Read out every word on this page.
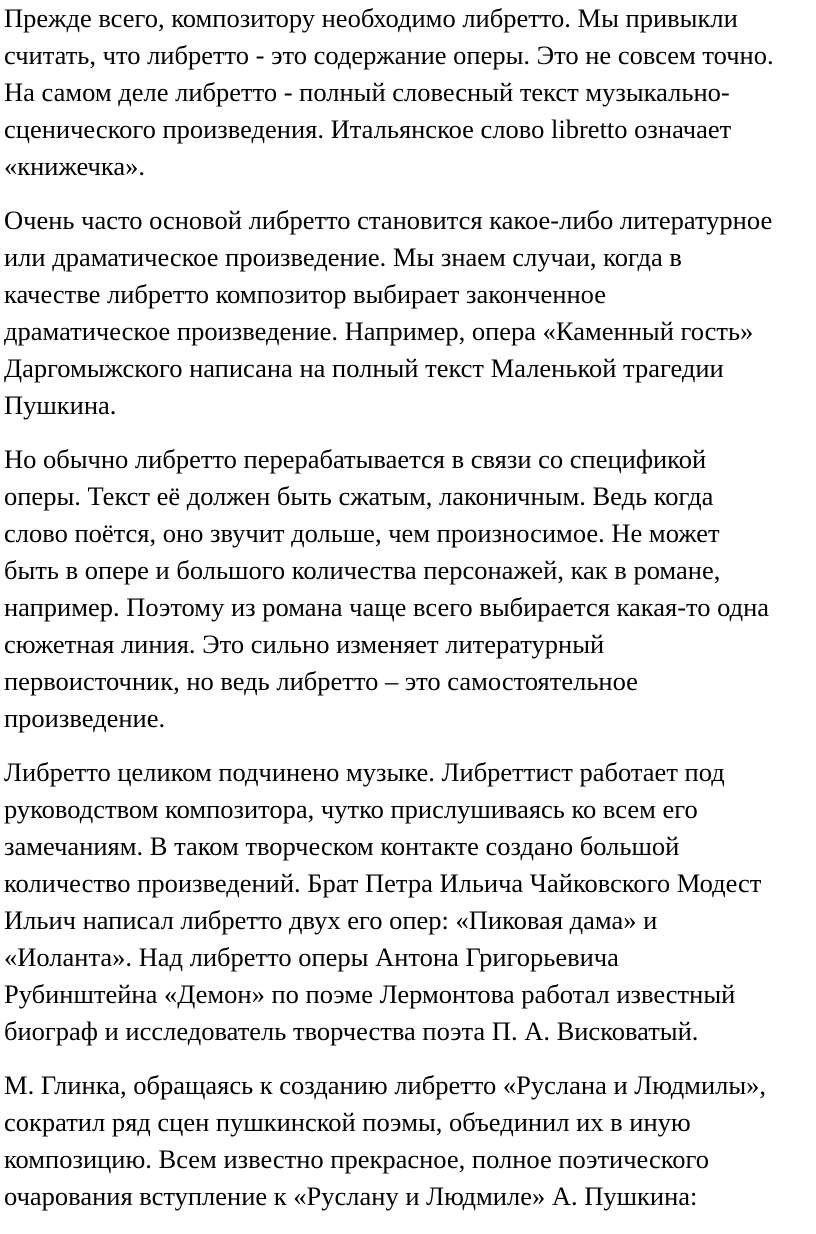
Прежде всего, композитору необходимо либретто. Мы привыкли
считать, что либретто - это содержание оперы. Это не совсем точно.
На самом деле либретто - полный словесный текст музыкально-
сценического произведения. Итальянское слово libretto означает
«книжечка».

Очень часто основой либретто становится какое-либо литературное
или драматическое произведение. Мы знаем случаи, когда в
качестве либретто композитор выбирает законченное
драматическое произведение. Например, опера «Каменный гость»
Даргомыжского написана на полный текст Маленькой трагедии
Пушкина.

Но обычно либретто перерабатывается в связи со спецификой
оперы. Текст её должен быть сжатым, лаконичным. Ведь когда
слово поётся, оно звучит дольше, чем произносимое. Не может
быть в опере и большого количества персонажей, как в романе,
например. Поэтому из романа чаще всего выбирается какая-то одна
сюжетная линия. Это сильно изменяет литературный
первоисточник, но ведь либретто – это самостоятельное
произведение.

Либретто целиком подчинено музыке. Либреттист работает под
руководством композитора, чутко прислушиваясь ко всем его
замечаниям. В таком творческом контакте создано большой
количество произведений. Брат Петра Ильича Чайковского Модест
Ильич написал либретто двух его опер: «Пиковая дама» и
«Иоланта». Над либретто оперы Антона Григорьевича
Рубинштейна «Демон» по поэме Лермонтова работал известный
биограф и исследователь творчества поэта П. А. Висковатый.

М. Глинка, обращаясь к созданию либретто «Руслана и Людмилы»,
сократил ряд сцен пушкинской поэмы, объединил их в иную
композицию. Всем известно прекрасное, полное поэтического
очарования вступление к «Руслану и Людмиле» А. Пушкина:
